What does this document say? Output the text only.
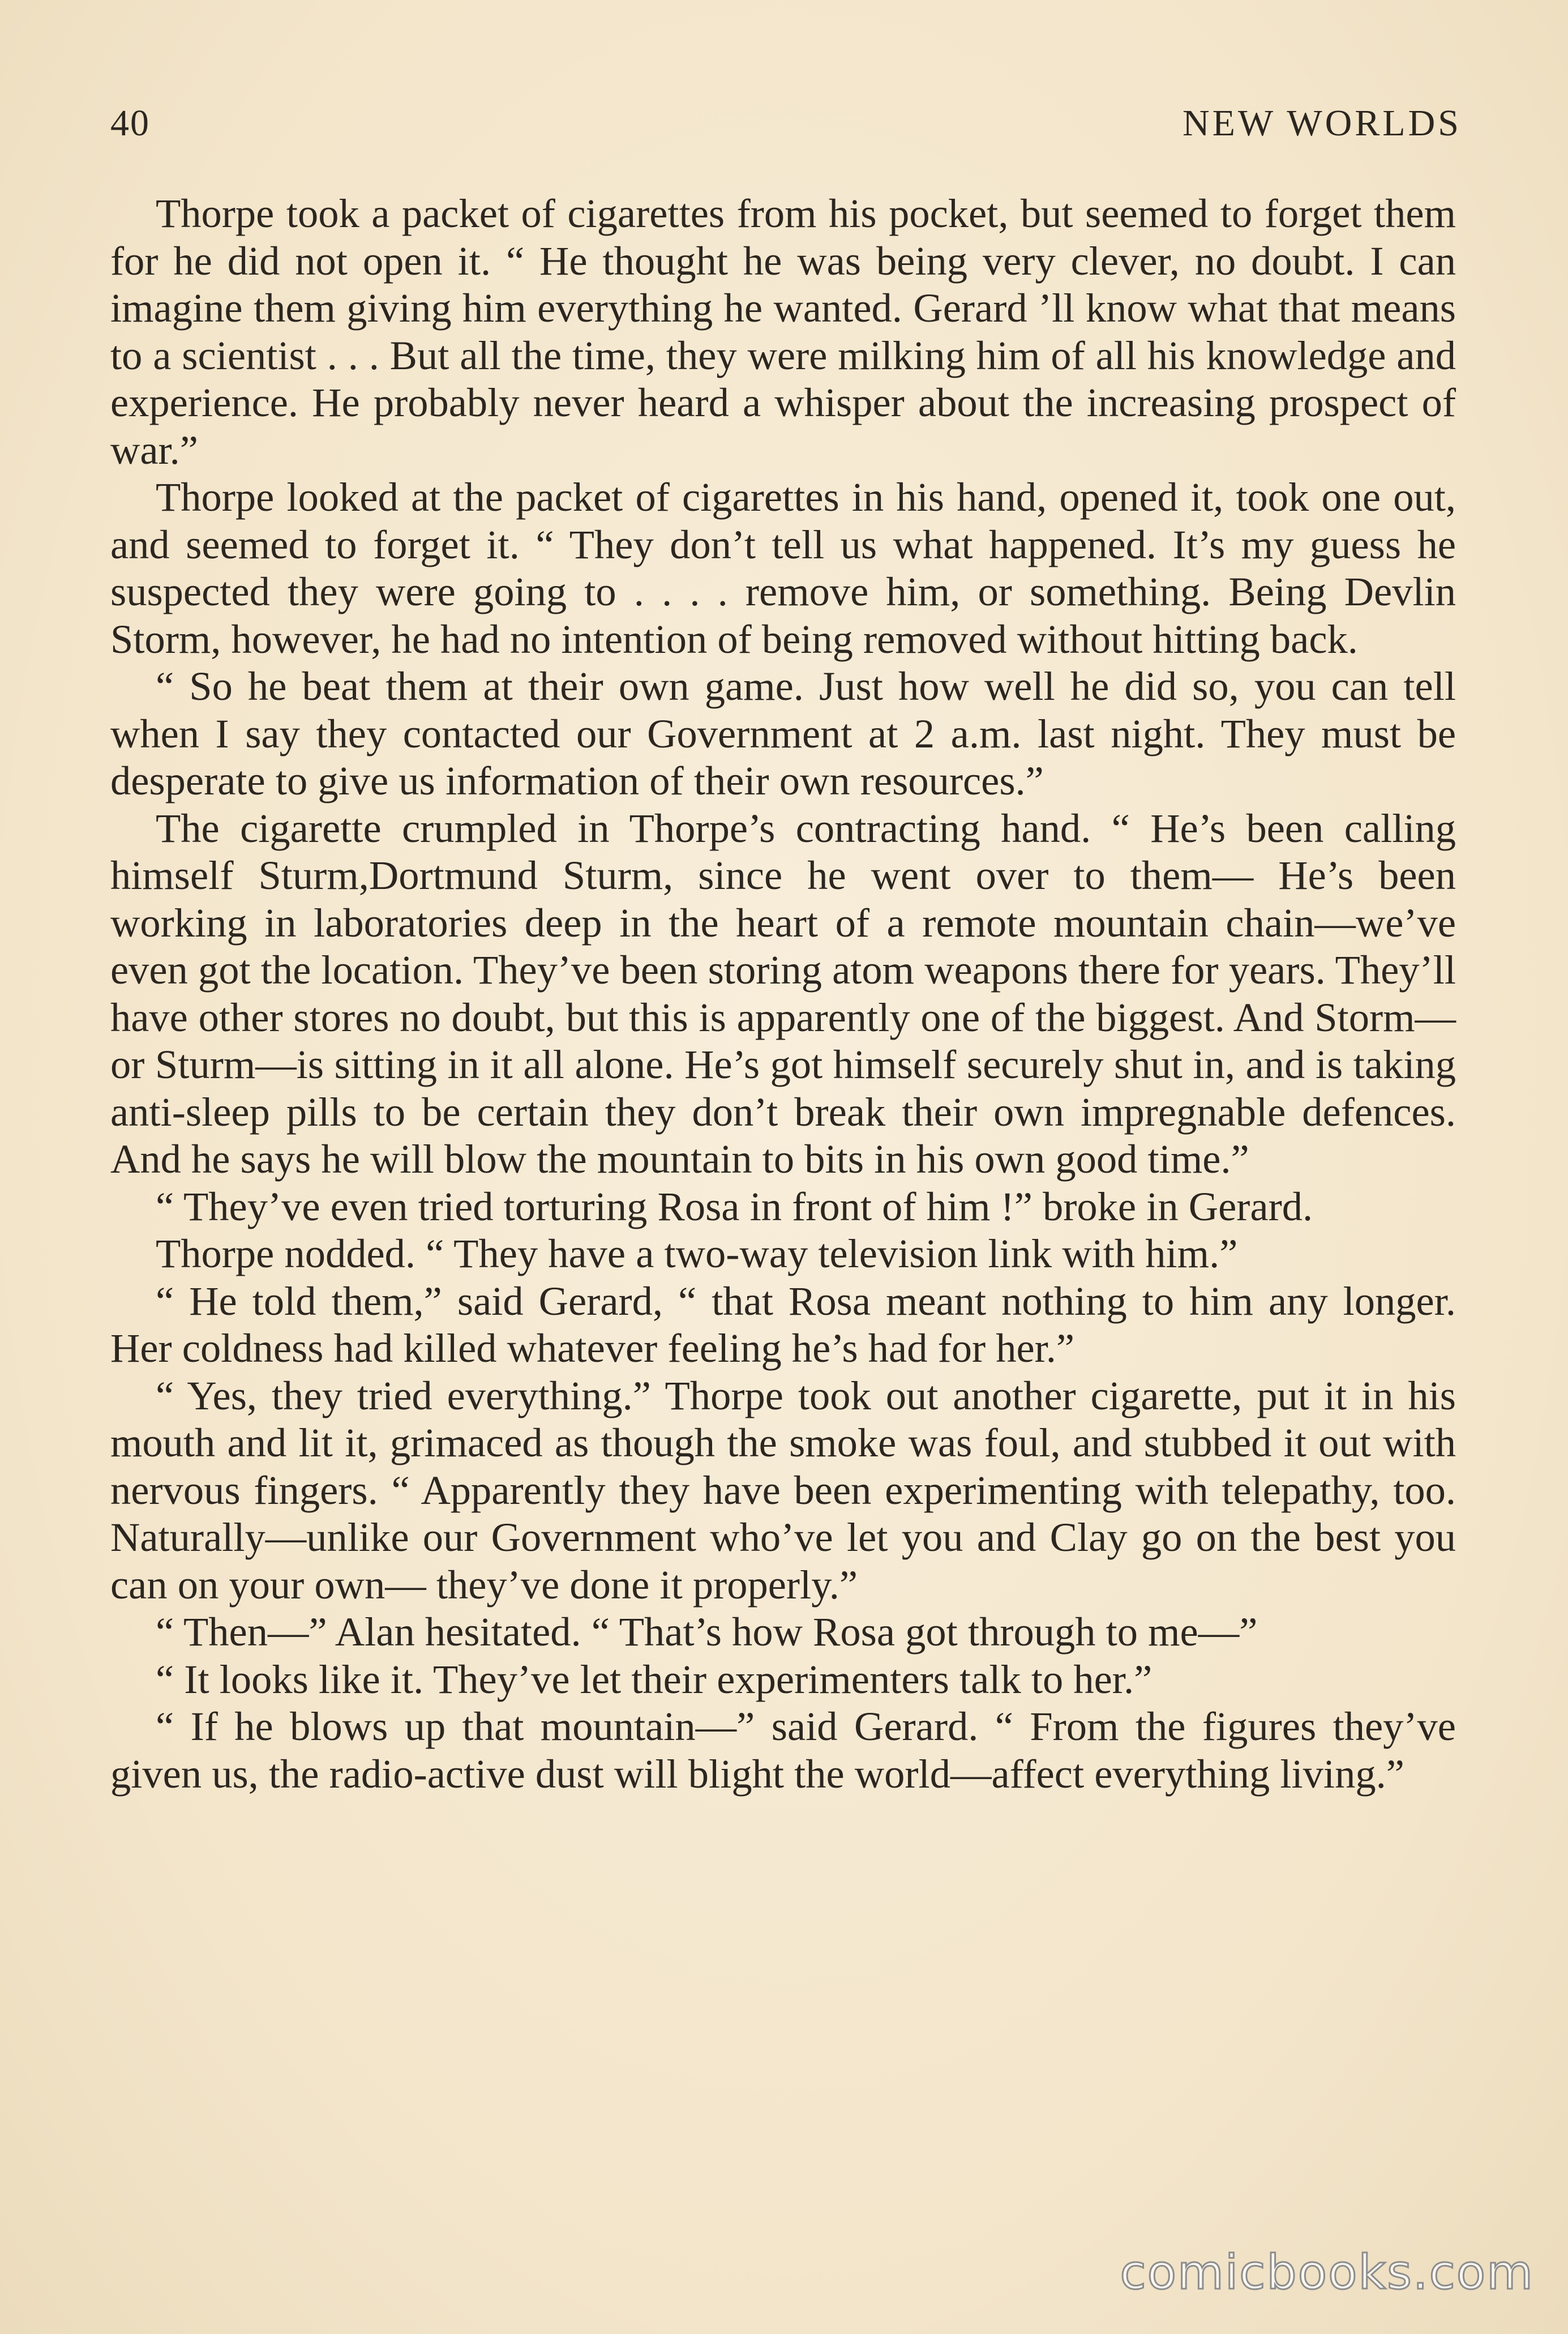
40	NEW WORLDS

Thorpe took a packet of cigarettes from his pocket, but seemed to forget them for he did not open it. “ He thought he was being very clever, no doubt. I can imagine them giving him everything he wanted. Gerard ’ll know what that means to a scientist . . . But all the time, they were milking him of all his knowledge and experience. He probably never heard a whisper about the increasing prospect of war.”

Thorpe looked at the packet of cigarettes in his hand, opened it, took one out, and seemed to forget it. “ They don’t tell us what happened. It’s my guess he suspected they were going to . . . . remove him, or something. Being Devlin Storm, however, he had no intention of being removed without hitting back.

“ So he beat them at their own game. Just how well he did so, you can tell when I say they contacted our Government at 2 a.m. last night. They must be desperate to give us information of their own resources.”

The cigarette crumpled in Thorpe’s contracting hand. “ He’s been calling himself Sturm,Dortmund Sturm, since he went over to them— He’s been working in laboratories deep in the heart of a remote mountain chain—we’ve even got the location. They’ve been storing atom weapons there for years. They’ll have other stores no doubt, but this is apparently one of the biggest. And Storm—or Sturm—is sitting in it all alone. He’s got himself securely shut in, and is taking anti-sleep pills to be certain they don’t break their own impregnable defences. And he says he will blow the mountain to bits in his own good time.”

“ They’ve even tried torturing Rosa in front of him !” broke in Gerard.

Thorpe nodded. “ They have a two-way television link with him.”

“ He told them,” said Gerard, “ that Rosa meant nothing to him any longer. Her coldness had killed whatever feeling he’s had for her.”

“ Yes, they tried everything.” Thorpe took out another cigarette, put it in his mouth and lit it, grimaced as though the smoke was foul, and stubbed it out with nervous fingers. “ Apparently they have been experimenting with telepathy, too. Naturally—unlike our Government who’ve let you and Clay go on the best you can on your own— they’ve done it properly.”

“ Then—” Alan hesitated. “ That’s how Rosa got through to me—”

“ It looks like it. They’ve let their experimenters talk to her.”

“ If he blows up that mountain—” said Gerard. “ From the figures they’ve given us, the radio-active dust will blight the world—affect everything living.”

comicbooks.com
